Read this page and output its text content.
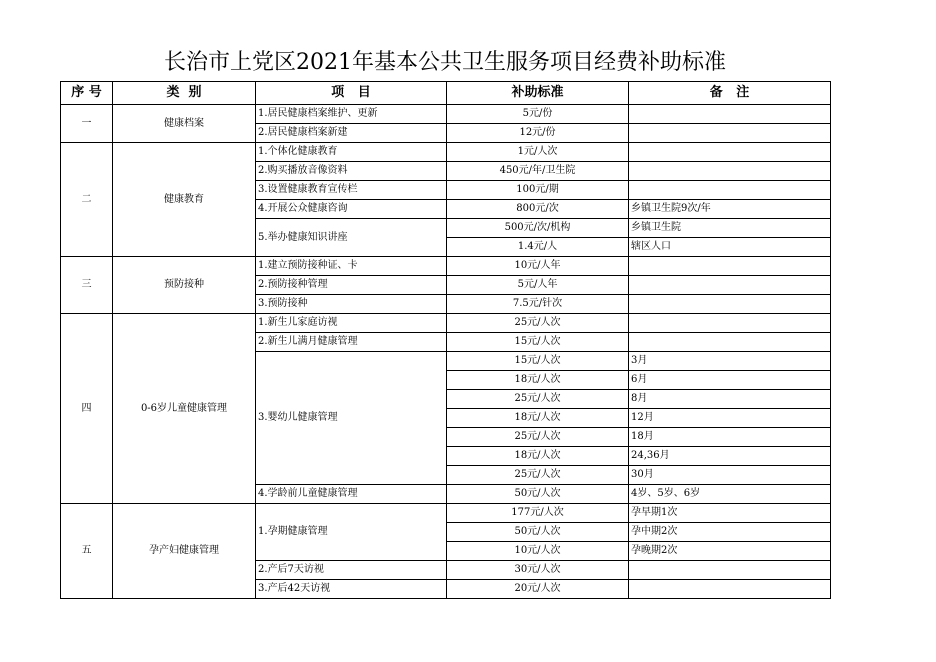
长治市上党区2021年基本公共卫生服务项目经费补助标准
序 号	类  别	项   目	补助标准	备   注
一	健康档案	1.居民健康档案维护、更新	5元/份	
		2.居民健康档案新建	12元/份	
二	健康教育	1.个体化健康教育	1元/人次	
		2.购买播放音像资料	450元/年/卫生院	
		3.设置健康教育宣传栏	100元/期	
		4.开展公众健康咨询	800元/次	乡镇卫生院9次/年
		5.举办健康知识讲座	500元/次/机构	乡镇卫生院
			1.4元/人	辖区人口
三	预防接种	1.建立预防接种证、卡	10元/人年	
		2.预防接种管理	5元/人年	
		3.预防接种	7.5元/针次	
四	0-6岁儿童健康管理	1.新生儿家庭访视	25元/人次	
		2.新生儿满月健康管理	15元/人次	
		3.婴幼儿健康管理	15元/人次	3月
			18元/人次	6月
			25元/人次	8月
			18元/人次	12月
			25元/人次	18月
			18元/人次	24,36月
			25元/人次	30月
		4.学龄前儿童健康管理	50元/人次	4岁、5岁、6岁
五	孕产妇健康管理	1.孕期健康管理	177元/人次	孕早期1次
			50元/人次	孕中期2次
			10元/人次	孕晚期2次
		2.产后7天访视	30元/人次	
		3.产后42天访视	20元/人次	
